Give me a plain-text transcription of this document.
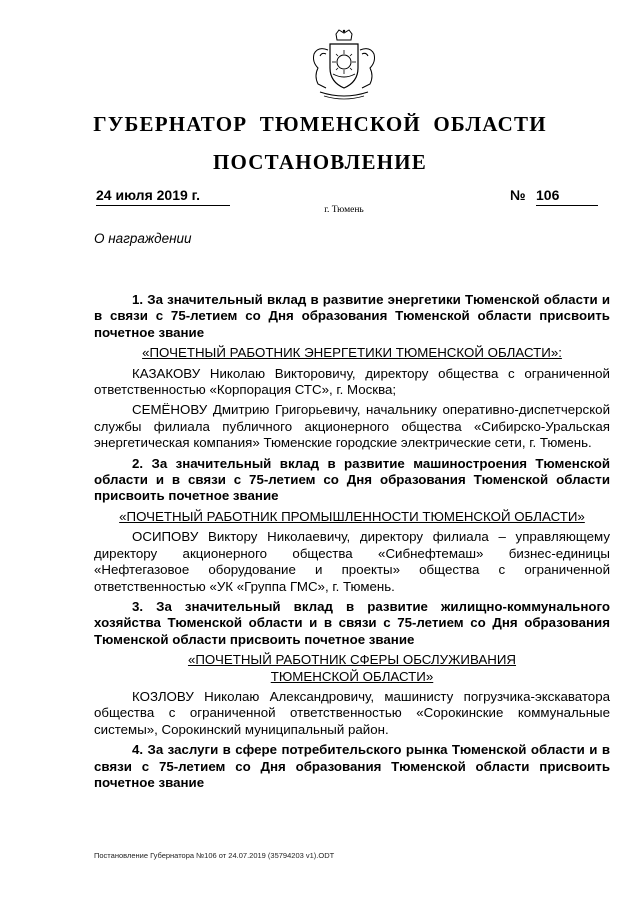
ГУБЕРНАТОР ТЮМЕНСКОЙ ОБЛАСТИ
ПОСТАНОВЛЕНИЕ
24 июля 2019 г.	№ 106
г. Тюмень
О награждении

1. За значительный вклад в развитие энергетики Тюменской области и в связи с 75-летием со Дня образования Тюменской области присвоить почетное звание

«ПОЧЕТНЫЙ РАБОТНИК ЭНЕРГЕТИКИ ТЮМЕНСКОЙ ОБЛАСТИ»:

КАЗАКОВУ Николаю Викторовичу, директору общества с ограниченной ответственностью «Корпорация СТС», г. Москва;

СЕМЁНОВУ Дмитрию Григорьевичу, начальнику оперативно-диспетчерской службы филиала публичного акционерного общества «Сибирско-Уральская энергетическая компания» Тюменские городские электрические сети, г. Тюмень.

2. За значительный вклад в развитие машиностроения Тюменской области и в связи с 75-летием со Дня образования Тюменской области присвоить почетное звание

«ПОЧЕТНЫЙ РАБОТНИК ПРОМЫШЛЕННОСТИ ТЮМЕНСКОЙ ОБЛАСТИ»

ОСИПОВУ Виктору Николаевичу, директору филиала – управляющему директору акционерного общества «Сибнефтемаш» бизнес-единицы «Нефтегазовое оборудование и проекты» общества с ограниченной ответственностью «УК «Группа ГМС», г. Тюмень.

3. За значительный вклад в развитие жилищно-коммунального хозяйства Тюменской области и в связи с 75-летием со Дня образования Тюменской области присвоить почетное звание

«ПОЧЕТНЫЙ РАБОТНИК СФЕРЫ ОБСЛУЖИВАНИЯ

ТЮМЕНСКОЙ ОБЛАСТИ»

КОЗЛОВУ Николаю Александровичу, машинисту погрузчика-экскаватора общества с ограниченной ответственностью «Сорокинские коммунальные системы», Сорокинский муниципальный район.

4. За заслуги в сфере потребительского рынка Тюменской области и в связи с 75-летием со Дня образования Тюменской области присвоить почетное звание

Постановление Губернатора №106 от 24.07.2019 (35794203 v1).ODT
